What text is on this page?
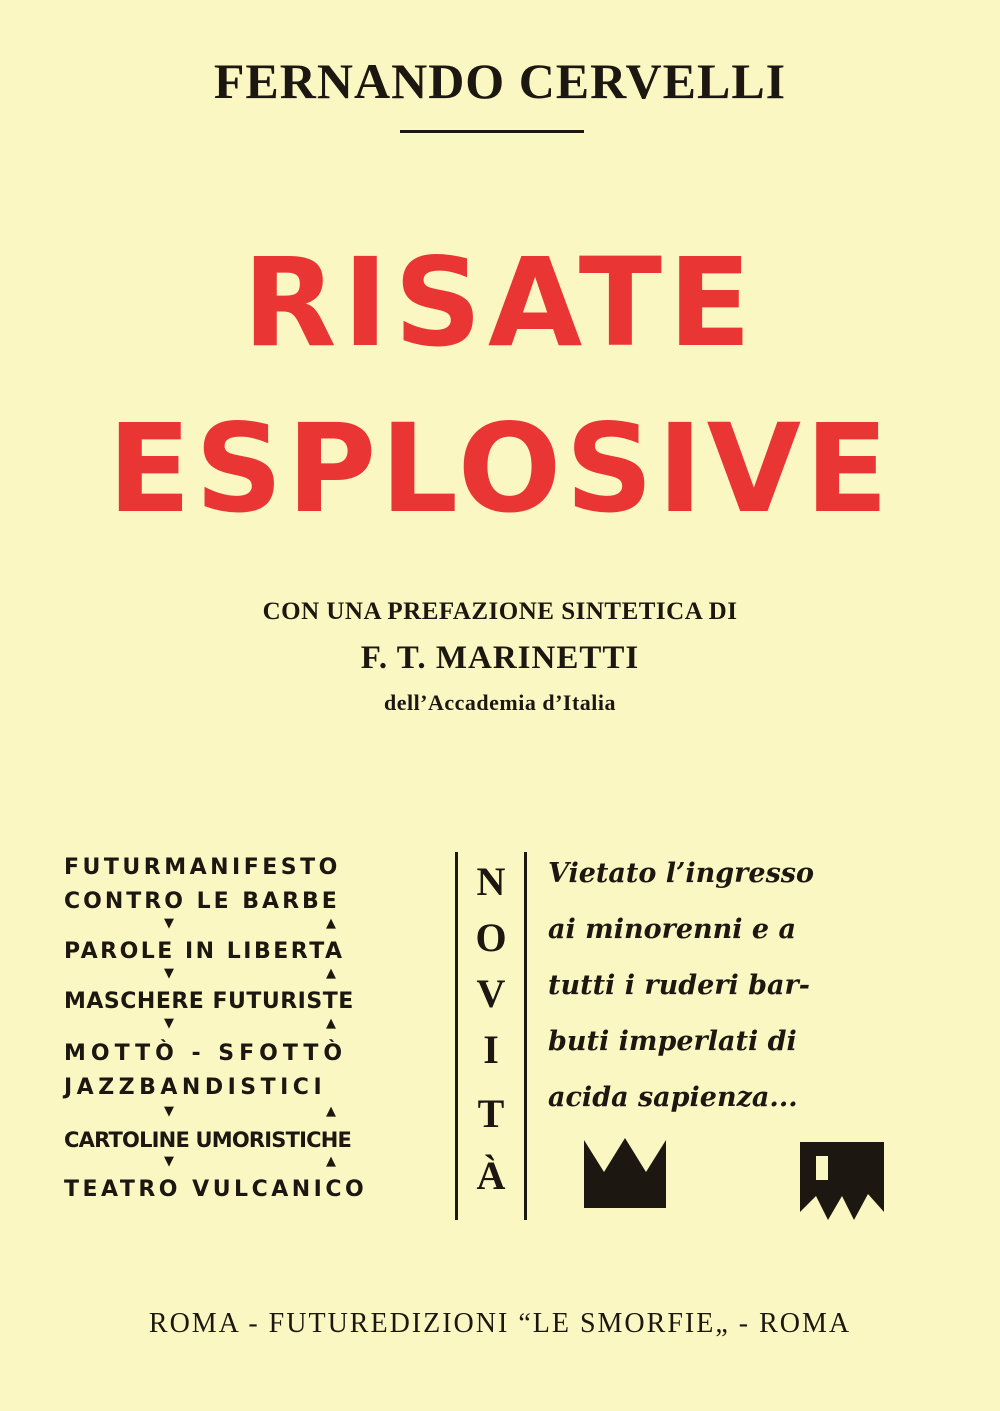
FERNANDO CERVELLI
RISATE
ESPLOSIVE
CON UNA PREFAZIONE SINTETICA DI
F. T. MARINETTI
dell’Accademia d’Italia
FUTURMANIFESTO
CONTRO LE BARBE
▼	▲
PAROLE IN LIBERTA
▼	▲
MASCHERE FUTURISTE
▼	▲
MOTTÒ - SFOTTÒ
JAZZBANDISTICI
▼	▲
CARTOLINE UMORISTICHE
▼	▲
TEATRO VULCANICO
N
O
V
I
T
À
Vietato l’ingresso
ai minorenni e a
tutti i ruderi bar-
buti imperlati di
acida sapienza...
ROMA - FUTUREDIZIONI “LE SMORFIE„ - ROMA
